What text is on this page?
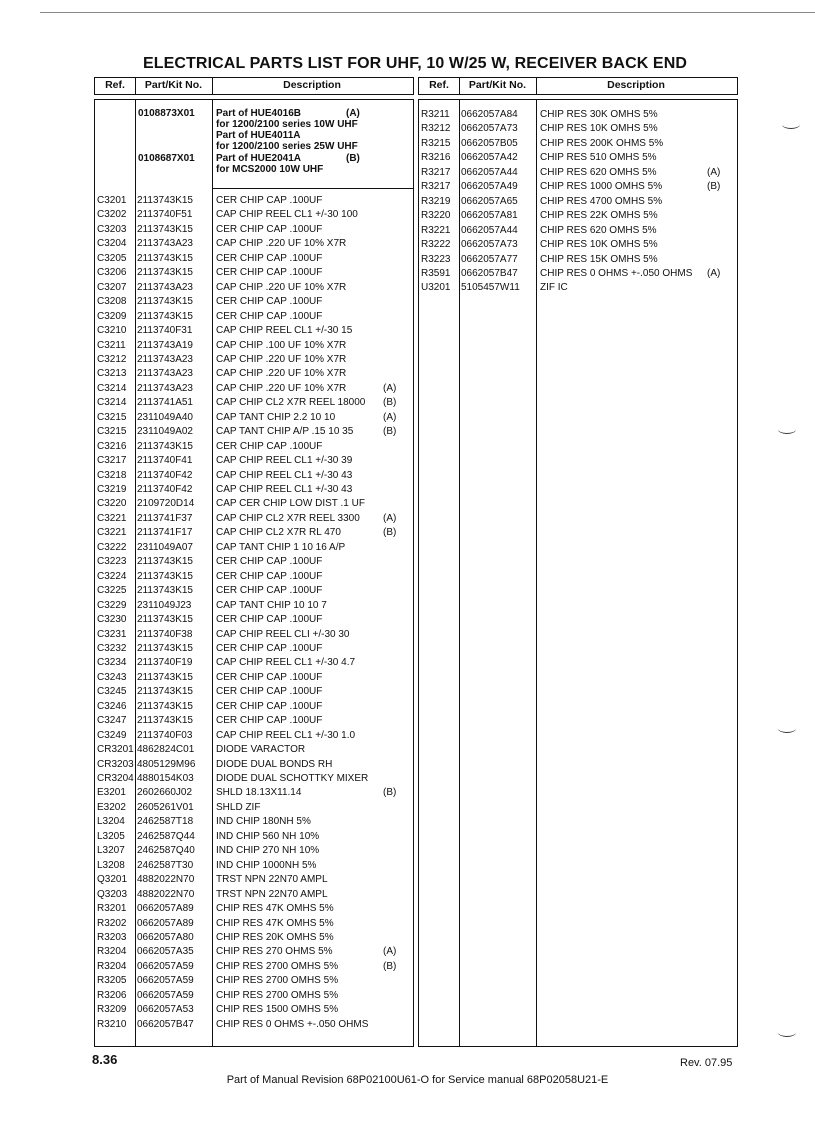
ELECTRICAL PARTS LIST FOR UHF, 10 W/25 W, RECEIVER BACK END
Ref.	Part/Kit No.	Description	Ref.	Part/Kit No.	Description
0108873X01 Part of HUE4016B	(A)
for 1200/2100 series 10W UHF
Part of HUE4011A
for 1200/2100 series 25W UHF
0108687X01 Part of HUE2041A	(B)
for MCS2000 10W UHF
C3201 2113743K15 CER CHIP CAP .100UF
C3202 2113740F51 CAP CHIP REEL CL1 +/-30 100
C3203 2113743K15 CER CHIP CAP .100UF
C3204 2113743A23 CAP CHIP .220 UF 10% X7R
C3205 2113743K15 CER CHIP CAP .100UF
C3206 2113743K15 CER CHIP CAP .100UF
C3207 2113743A23 CAP CHIP .220 UF 10% X7R
C3208 2113743K15 CER CHIP CAP .100UF
C3209 2113743K15 CER CHIP CAP .100UF
C3210 2113740F31 CAP CHIP REEL CL1 +/-30 15
C3211 2113743A19 CAP CHIP .100 UF 10% X7R
C3212 2113743A23 CAP CHIP .220 UF 10% X7R
C3213 2113743A23 CAP CHIP .220 UF 10% X7R
C3214 2113743A23 CAP CHIP .220 UF 10% X7R	(A)
C3214 2113741A51 CAP CHIP CL2 X7R REEL 18000 (B)
C3215 2311049A40 CAP TANT CHIP 2.2 10 10	(A)
C3215 2311049A02 CAP TANT CHIP A/P .15 10 35	(B)
C3216 2113743K15 CER CHIP CAP .100UF
C3217 2113740F41 CAP CHIP REEL CL1 +/-30 39
C3218 2113740F42 CAP CHIP REEL CL1 +/-30 43
C3219 2113740F42 CAP CHIP REEL CL1 +/-30 43
C3220 2109720D14 CAP CER CHIP LOW DIST .1 UF
C3221 2113741F37 CAP CHIP CL2 X7R REEL 3300 (A)
C3221 2113741F17 CAP CHIP CL2 X7R RL 470	(B)
C3222 2311049A07 CAP TANT CHIP 1 10 16 A/P
C3223 2113743K15 CER CHIP CAP .100UF
C3224 2113743K15 CER CHIP CAP .100UF
C3225 2113743K15 CER CHIP CAP .100UF
C3229 2311049J23 CAP TANT CHIP 10 10 7
C3230 2113743K15 CER CHIP CAP .100UF
C3231 2113740F38 CAP CHIP REEL CLI +/-30 30
C3232 2113743K15 CER CHIP CAP .100UF
C3234 2113740F19 CAP CHIP REEL CL1 +/-30 4.7
C3243 2113743K15 CER CHIP CAP .100UF
C3245 2113743K15 CER CHIP CAP .100UF
C3246 2113743K15 CER CHIP CAP .100UF
C3247 2113743K15 CER CHIP CAP .100UF
C3249 2113740F03 CAP CHIP REEL CL1 +/-30 1.0
CR3201 4862824C01 DIODE VARACTOR
CR3203 4805129M96 DIODE DUAL BONDS RH
CR3204 4880154K03 DIODE DUAL SCHOTTKY MIXER
E3201 2602660J02 SHLD 18.13X11.14	(B)
E3202 2605261V01 SHLD ZIF
L3204 2462587T18 IND CHIP 180NH 5%
L3205 2462587Q44 IND CHIP 560 NH 10%
L3207 2462587Q40 IND CHIP 270 NH 10%
L3208 2462587T30 IND CHIP 1000NH 5%
Q3201 4882022N70 TRST NPN 22N70 AMPL
Q3203 4882022N70 TRST NPN 22N70 AMPL
R3201 0662057A89 CHIP RES 47K OMHS 5%
R3202 0662057A89 CHIP RES 47K OMHS 5%
R3203 0662057A80 CHIP RES 20K OMHS 5%
R3204 0662057A35 CHIP RES 270 OHMS 5%	(A)
R3204 0662057A59 CHIP RES 2700 OMHS 5%	(B)
R3205 0662057A59 CHIP RES 2700 OMHS 5%
R3206 0662057A59 CHIP RES 2700 OMHS 5%
R3209 0662057A53 CHIP RES 1500 OMHS 5%
R3210 0662057B47 CHIP RES 0 OHMS +-.050 OHMS
R3211 0662057A84 CHIP RES 30K OMHS 5%
R3212 0662057A73 CHIP RES 10K OMHS 5%
R3215 0662057B05 CHIP RES 200K OHMS 5%
R3216 0662057A42 CHIP RES 510 OMHS 5%
R3217 0662057A44 CHIP RES 620 OMHS 5%	(A)
R3217 0662057A49 CHIP RES 1000 OMHS 5%	(B)
R3219 0662057A65 CHIP RES 4700 OMHS 5%
R3220 0662057A81 CHIP RES 22K OMHS 5%
R3221 0662057A44 CHIP RES 620 OMHS 5%
R3222 0662057A73 CHIP RES 10K OMHS 5%
R3223 0662057A77 CHIP RES 15K OMHS 5%
R3591 0662057B47 CHIP RES 0 OHMS +-.050 OHMS (A)
U3201 5105457W11 ZIF IC
8.36	Rev. 07.95
Part of Manual Revision 68P02100U61-O for Service manual 68P02058U21-E
